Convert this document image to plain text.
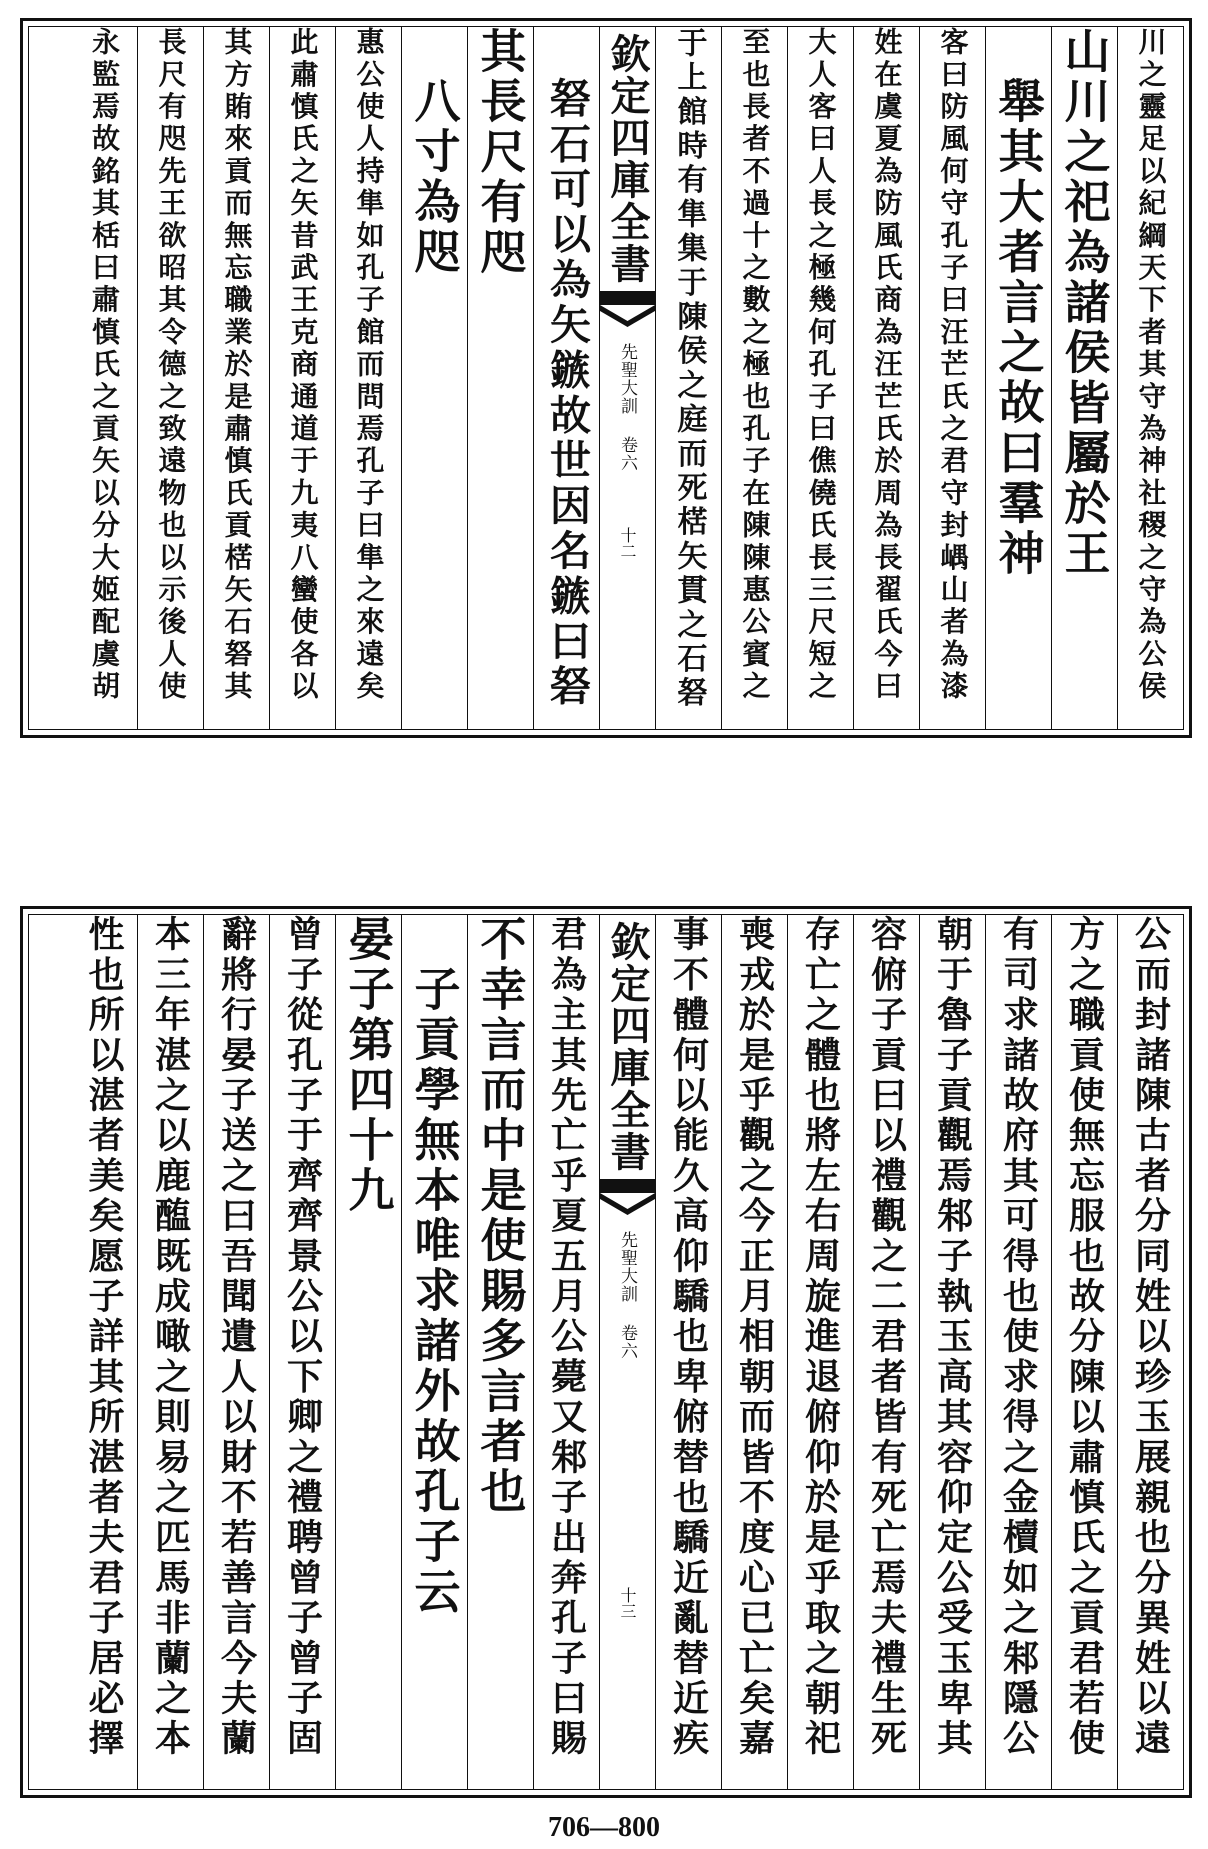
川之靈足以紀綱天下者其守為神社稷之守為公侯
山川之祀為諸侯皆屬於王
舉其大者言之故曰羣神
客曰防風何守孔子曰汪芒氏之君守封嵎山者為漆
姓在虞夏為防風氏商為汪芒氏於周為長翟氏今曰
大人客曰人長之極幾何孔子曰僬僥氏長三尺短之
至也長者不過十之數之極也孔子在陳陳惠公賓之
于上館時有隼集于陳侯之庭而死楛矢貫之石砮
欽定四庫全書
先聖大訓 卷六
十二
砮石可以為矢鏃故世因名鏃曰砮
其長尺有咫
八寸為咫
惠公使人持隼如孔子館而問焉孔子曰隼之來遠矣
此肅慎氏之矢昔武王克商通道于九夷八蠻使各以
其方賄來貢而無忘職業於是肅慎氏貢楛矢石砮其
長尺有咫先王欲昭其令德之致遠物也以示後人使
永監焉故銘其栝曰肅慎氏之貢矢以分大姬配虞胡
公而封諸陳古者分同姓以珍玉展親也分異姓以遠
方之職貢使無忘服也故分陳以肅慎氏之貢君若使
有司求諸故府其可得也使求得之金櫝如之邾隱公
朝于魯子貢觀焉邾子執玉高其容仰定公受玉卑其
容俯子貢曰以禮觀之二君者皆有死亡焉夫禮生死
存亡之體也將左右周旋進退俯仰於是乎取之朝祀
喪戎於是乎觀之今正月相朝而皆不度心已亡矣嘉
事不體何以能久高仰驕也卑俯替也驕近亂替近疾
欽定四庫全書
先聖大訓 卷六
十三
君為主其先亡乎夏五月公薨又邾子出奔孔子曰賜
不幸言而中是使賜多言者也
子貢學無本唯求諸外故孔子云
晏子第四十九
曾子從孔子于齊齊景公以下卿之禮聘曾子曾子固
辭將行晏子送之曰吾聞遺人以財不若善言今夫蘭
本三年湛之以鹿醢既成噉之則易之匹馬非蘭之本
性也所以湛者美矣愿子詳其所湛者夫君子居必擇
706—800
